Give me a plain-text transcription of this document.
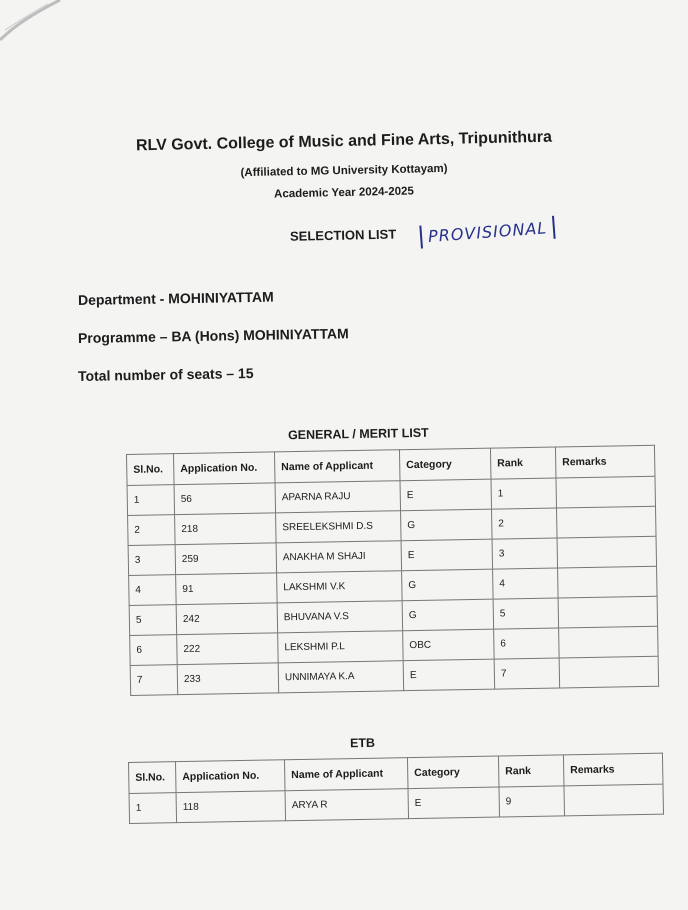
RLV Govt. College of Music and Fine Arts, Tripunithura
(Affiliated to MG University Kottayam)
Academic Year 2024-2025
SELECTION LIST	PROVISIONAL
Department - MOHINIYATTAM
Programme – BA (Hons) MOHINIYATTAM
Total number of seats – 15
GENERAL / MERIT LIST
Sl.No.	Application No.	Name of Applicant	Category	Rank	Remarks
1	56	APARNA RAJU	E	1	
2	218	SREELEKSHMI D.S	G	2	
3	259	ANAKHA M SHAJI	E	3	
4	91	LAKSHMI V.K	G	4	
5	242	BHUVANA V.S	G	5	
6	222	LEKSHMI P.L	OBC	6	
7	233	UNNIMAYA K.A	E	7	
ETB
Sl.No.	Application No.	Name of Applicant	Category	Rank	Remarks
1	118	ARYA R	E	9	
